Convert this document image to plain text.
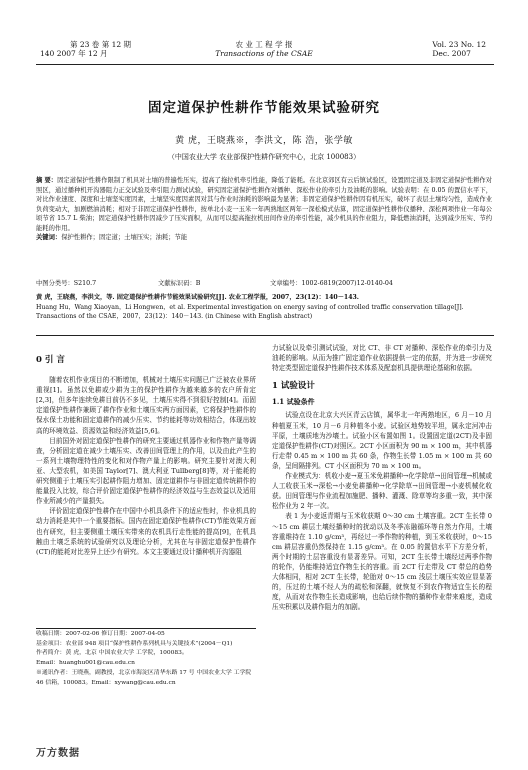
第 23 卷 第 12 期
140 2007 年 12 月
农 业 工 程 学 报
Transactions of the CSAE
Vol. 23 No. 12
Dec. 2007
固定道保护性耕作节能效果试验研究
黄 虎，王晓燕※，李洪文，陈 浩，张学敏
（中国农业大学 农业部保护性耕作研究中心，北京 100083）
摘 要：固定道保护性耕作限制了机具对土壤的普遍性压实，提高了拖拉机牵引性能，降低了能耗。在北京郊区有云后镇试验区，设置固定道及非固定道保护性耕作对照区，通过播种机开沟器阻力正交试验及牵引阻力测试试验，研究固定道保护性耕作对播种、深松作业的牵引力及油耗的影响。试验表明：在 0.05 的置信水平下，对比作业速度、深度和土壤坚实度因素，土壤坚实度因素因对其与作业时油耗的影响最为显著；非固定道保护性耕作因有机压实，破坏了表层土壤均匀性，造成作业负荷变动大，加剧燃油消耗；相对于非固定道保护性耕作，按单北小麦一玉米一年两熟地区两年一深松模式估算，固定道保护性耕作仪播种、深松两项作业一年每公顷节省 15.7 L 柴油；固定道保护性耕作因减少了压实面积，从而可以提高拖拉机田间作业的牵引性能，减少机具的作业阻力，降低燃油消耗，达到减少压实、节约能耗的作用。
关键词：保护性耕作；固定道；土壤压实；油耗；节能
中图分类号：S210.7	文献标识码：B	文章编号：1002-6819(2007)12-0140-04
黄 虎，王晓燕，李洪文，等. 固定道保护性耕作节能效果试验研究[J]. 农业工程学报，2007，23(12)：140－143.
Huang Hu，Wang Xiaoyan，Li Hongwen，et al. Experimental investigation on energy saving of controlled traffic conservation tillage[J]. Transactions of the CSAE，2007，23(12)：140－143. (in Chinese with English abstract)
0 引 言

随着农机作业项目的不断增加，机械对土壤压实问题已广泛被农业界所重视[1]。虽然以免耕或少耕为主的保护性耕作为越来越多的农户所肯定[2,3]，但多年连续免耕目前仍不多见，土壤压实得不到很好控制[4]。而固定道保护性耕作兼顾了耕作作业和土壤压实两方面因素，它将保护性耕作的保水保土功能和固定道耕作的减少压实、节约能耗等功效相结合，体现出较高的环境效益、资源效益和经济效益[5,6]。

目前国外对固定道保护性耕作的研究主要通过机器作业和作物产量等调查，分析固定道在减少土壤压实、改善田间管理上的作用，以及由此产生的一系列土壤物理特性的变化和对作物产量上的影响。研究主要针对澳大利亚、大型农机，如美国 Taylor[7]、澳大利亚 Tullberg[8]等，对于能耗的研究侧重于土壤压实引起耕作阻力增加、固定道耕作与非固定道传统耕作的能量投入比较，综合评价固定道保护性耕作的经济效益与生态效益以及适用作业所减少的产量损失。

评价固定道保护性耕作在中国中小机具条件下的适应性时，作业机具的动力消耗是其中一个重要指标。国内在固定道保护性耕作(CT)节能效果方面也有研究，但主要侧重土壤压实带来的农机具行走性能的提高[9]，在机具触由土壤乏系统的试验研究以及理论分析，尤其在与非固定道保护性耕作(CT)的能耗对比差异上还少有研究。本文主要通过设计播种机开沟器阻

收稿日期：2007-02-06 修订日期：2007-04-05
基金项目：农业部 948 项目“保护性耕作系列机具与关键技术”(2004－Q1)
作者简介：黄 虎，北京 中国农业大学 工学院，100083。
Email：huanghu001@cau.edu.cn
※通讯作者：王晓燕，副教授，北京市海淀区清华东路 17 号 中国农业大学 工学院 46 信箱，100083。Email：xywang@cau.edu.cn

力试验以及牵引测试试验，对比 CT、非 CT 对播种、深松作业的牵引力及油耗的影响。从而为推广固定道作业依据提供一定的依据，并为进一步研究特定类型固定道保护性耕作技术体系及配套机具提供理论基础和依据。

1 试验设计
1.1 试验条件

试验点设在北京大兴区青云店镇，属华北一年两熟地区，6 月－10 月种植夏玉米，10 月－6 月种植冬小麦。试验区地势较平坦，属永定河冲击平原，土壤质地为沙壤土。试验小区布置如图 1。设置固定道(2CT)及非固定道保护性耕作(CT)对照区。2CT 小区面积为 90 m × 100 m，其中机器行走带 0.45 m × 100 m 共 60 条，作物生长带 1.05 m × 100 m 共 60 条，呈间隔排列。CT 小区面积为 70 m × 100 m。

作业模式为：机收小麦→夏玉米免耕播种→化学除草→田间管理→机械或人工收获玉米→深松→小麦免耕播种→化学除草→田间管理→小麦机械化收获。田间管理与作业流程加施肥、播种、灌溉、除草等均多重一致，其中深松作业为 2 年一次。

表 1 为小麦返青期与玉米收获期 0～30 cm 土壤容重。2CT 生长带 0～15 cm 耕层土壤经播种时的扰动以及冬季冻融循环等自然力作用，土壤容重维持在 1.10 g/cm³，再经过一季作物的种植，到玉米收获时，0～15 cm 耕层容重仍然保持在 1.15 g/cm³。在 0.05 的置信水平下方差分析，两个时期的土层容重没有显著差异。可知，2CT 生长带土壤经过两季作物的轮作，仍能维持适宜作物生长的容重。而 2CT 行走带及 CT 带总的趋势大体相同，相对 2CT 生长带，轮胎对 0～15 cm 浅层土壤压实效应显显著的，压过的土壤不经人为的疏松和深翻，就恢复不到农作物适宜生长的程度，从而对农作物生长造成影响，也给后续作物的播种作业带来难度，造成压实积累以及耕作阻力的加剧。

万方数据
